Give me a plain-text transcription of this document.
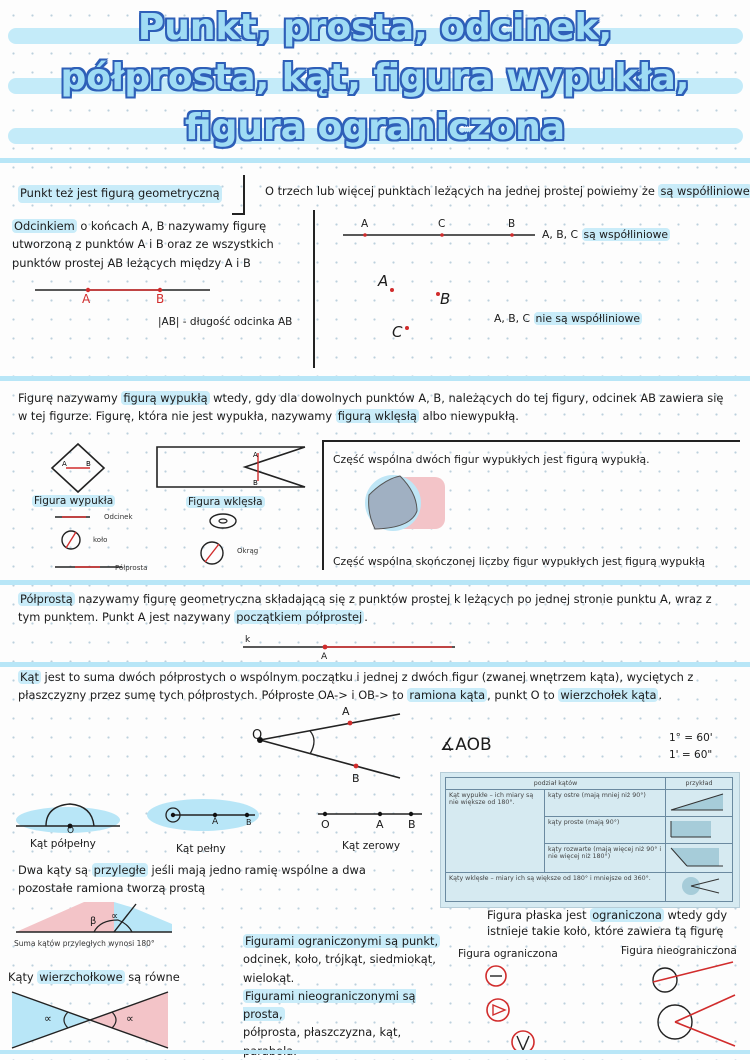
Punkt, prosta, odcinek,
półprosta, kąt, figura wypukła,
figura ograniczona
Punkt też jest figurą geometryczną
Odcinkiem o końcach A, B nazywamy figurę utworzoną z punktów A i B oraz ze wszystkich punktów prostej AB leżących między A i B
A	B
|AB| - długość odcinka AB
O trzech lub więcej punktach leżących na jednej prostej powiemy że są współliniowe
A	C	B
A, B, C są współliniowe
A
B
C
A, B, C nie są współliniowe
Figurę nazywamy figurą wypukłą wtedy, gdy dla dowolnych punktów A, B, należących do tej figury, odcinek AB zawiera się w tej figurze. Figurę, która nie jest wypukła, nazywamy figurą wklęsłą albo niewypukłą.
A	B
A
B
Figura wypukła	Figura wklęsła
Odcinek
koło
Półprosta
Okrąg
Część wspólna dwóch figur wypukłych jest figurą wypukłą.
Część wspólna skończonej liczby figur wypukłych jest figurą wypukłą
Półprostą nazywamy figurę geometryczna składającą się z punktów prostej k leżących po jednej stronie punktu A, wraz z tym punktem. Punkt A jest nazywany początkiem półprostej .
k
A
Kąt jest to suma dwóch półprostych o wspólnym początku i jednej z dwóch figur (zwanej wnętrzem kąta), wyciętych z płaszczyzny przez sumę tych półprostych. Półproste OA-> i OB-> to ramiona kąta , punkt O to wierzchołek kąta .
O
A
B
∡AOB	1° = 60'
1' = 60"
O
Kąt półpełny
A	B
Kąt pełny
O	A B
Kąt zerowy
podział kątów		przykład
Kąt wypukłe – ich miary są nie większe od 180°.	kąty ostre (mają mniej niż 90°)	
	kąty proste (mają 90°)	
	kąty rozwarte (mają więcej niż 90° i nie więcej niż 180°)	
Kąty wklęsłe – miary ich są większe od 180° i mniejsze od 360°.	
Dwa kąty są przyległe jeśli mają jedno ramię wspólne a dwa pozostałe ramiona tworzą prostą
β ∝
Suma kątów przyległych wynosi 180°
Kąty wierzchołkowe są równe
∝	∝
Figurami ograniczonymi są punkt,
odcinek, koło, trójkąt, siedmiokąt,
wielokąt.
Figurami nieograniczonymi są prosta,
półprosta, płaszczyzna, kąt,
Figura płaska jest ograniczona wtedy gdy
istnieje takie koło, które zawiera tą figurę
Figura ograniczona	Figura nieograniczona
